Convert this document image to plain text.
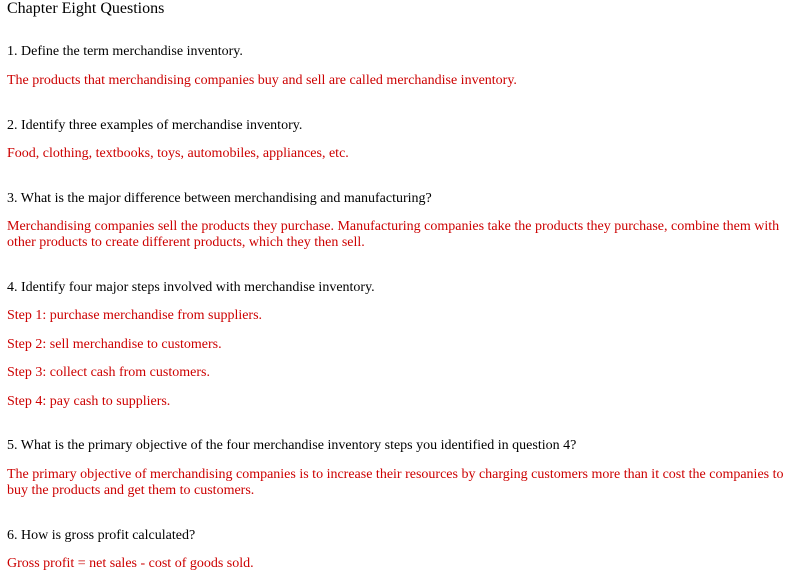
Chapter Eight Questions
1. Define the term merchandise inventory.
The products that merchandising companies buy and sell are called merchandise inventory.
2. Identify three examples of merchandise inventory.
Food, clothing, textbooks, toys, automobiles, appliances, etc.
3. What is the major difference between merchandising and manufacturing?
Merchandising companies sell the products they purchase. Manufacturing companies take the products they purchase, combine them with other products to create different products, which they then sell.
4. Identify four major steps involved with merchandise inventory.
Step 1: purchase merchandise from suppliers.
Step 2: sell merchandise to customers.
Step 3: collect cash from customers.
Step 4: pay cash to suppliers.
5. What is the primary objective of the four merchandise inventory steps you identified in question 4?
The primary objective of merchandising companies is to increase their resources by charging customers more than it cost the companies to buy the products and get them to customers.
6. How is gross profit calculated?
Gross profit = net sales - cost of goods sold.
